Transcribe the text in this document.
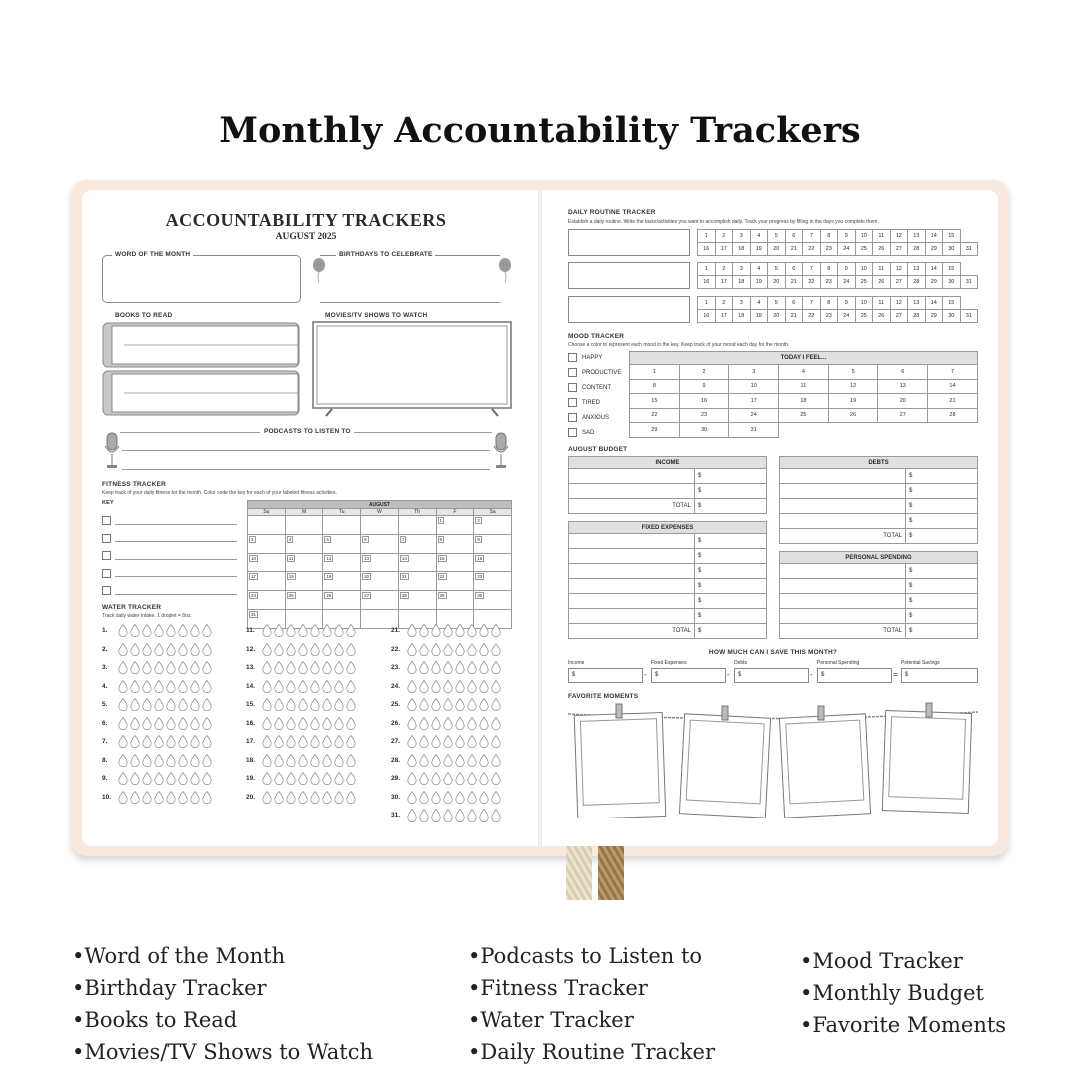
Monthly Accountability Trackers
ACCOUNTABILITY TRACKERS
AUGUST 2025
WORD OF THE MONTH	BIRTHDAYS TO CELEBRATE
BOOKS TO READ	MOVIES/TV SHOWS TO WATCH
PODCASTS TO LISTEN TO
FITNESS TRACKER
Keep track of your daily fitness for the month. Color code the key for each of your labeled fitness activities.
KEY	AUGUST						
Su	M	Tu	W	Th	F	Sa
					1	2
3	4	5	6	7	8	9
10	11	12	13	14	15	16
17	18	19	20	21	22	23
24	25	26	27	28	29	30
31						
WATER TRACKER
Track daily water intake. 1 droplet = 8oz.
1.
2.
3.
4.
5.
6.
7.
8.
9.
10.
11.
12.
13.
14.
15.
16.
17.
18.
19.
20.
21.
22.
23.
24.
25.
26.
27.
28.
29.
30.
31.
DAILY ROUTINE TRACKER
Establish a daily routine. Write the tasks/activities you want to accomplish daily. Track your progress by filling in the days you complete them.
1	2	3	4	5	6	7	8	9	10	11	12	13	14	15	
16	17	18	19	20	21	22	23	24	25	26	27	28	29	30	31
1	2	3	4	5	6	7	8	9	10	11	12	13	14	15	
16	17	18	19	20	21	22	23	24	25	26	27	28	29	30	31
1	2	3	4	5	6	7	8	9	10	11	12	13	14	15	
16	17	18	19	20	21	22	23	24	25	26	27	28	29	30	31
MOOD TRACKER
Choose a color to represent each mood in the key. Keep track of your mood each day for the month.
HAPPY
PRODUCTIVE
CONTENT
TIRED
ANXIOUS
SAD
TODAY I FEEL...						
1	2	3	4	5	6	7
8	9	10	11	12	13	14
15	16	17	18	19	20	21
22	23	24	25	26	27	28
29	30	31				
AUGUST BUDGET
INCOME	
	$
	$
TOTAL	$
DEBTS	
	$
	$
	$
	$
TOTAL	$
FIXED EXPENSES	
	$
	$
	$
	$
	$
	$
TOTAL	$
PERSONAL SPENDING	
	$
	$
	$
	$
TOTAL	$
HOW MUCH CAN I SAVE THIS MONTH?
Income
$	-
Fixed Expenses
$	-
Debts
$	-
Personal Spending
$	=
Potential Savings
$
FAVORITE MOMENTS
• Word of the Month
• Birthday Tracker
• Books to Read
• Movies/TV Shows to Watch
• Podcasts to Listen to
• Fitness Tracker
• Water Tracker
• Daily Routine Tracker
• Mood Tracker
• Monthly Budget
• Favorite Moments
